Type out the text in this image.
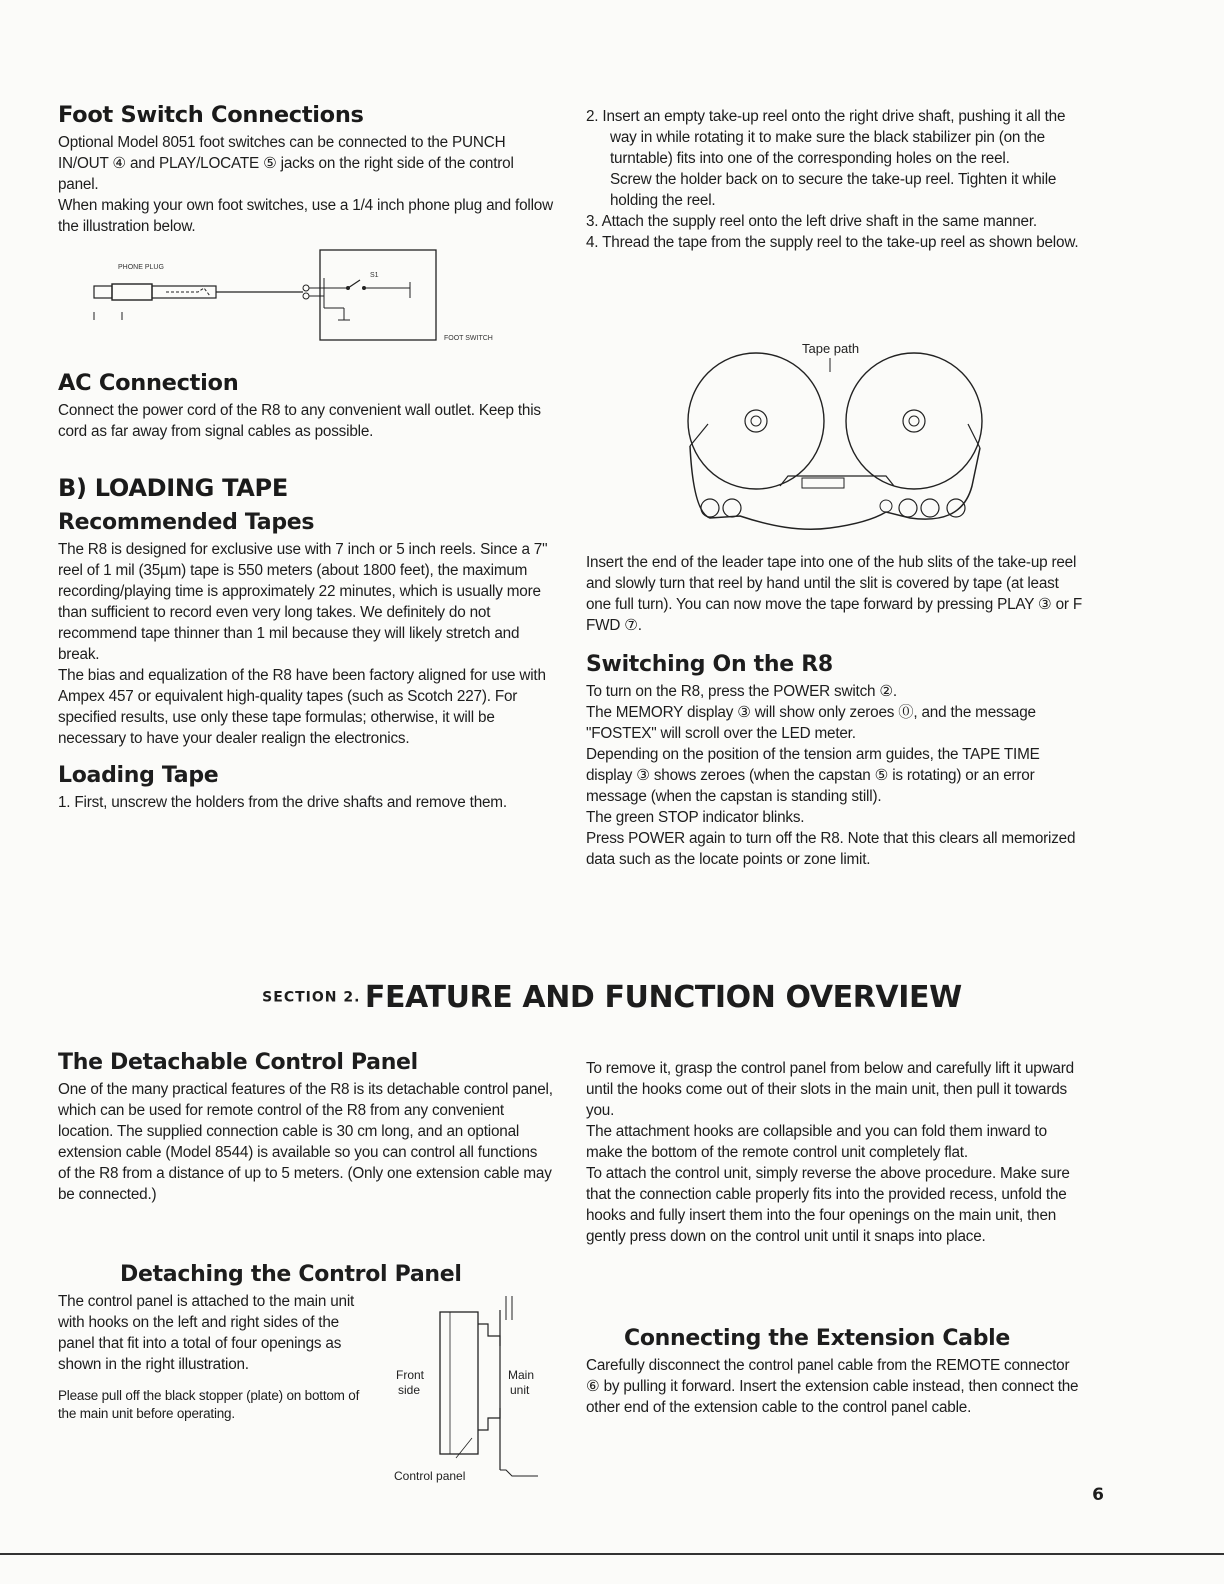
Foot Switch Connections

Optional Model 8051 foot switches can be connected to the PUNCH IN/OUT ④ and PLAY/LOCATE ⑤ jacks on the right side of the control panel.

When making your own foot switches, use a 1/4 inch phone plug and follow the illustration below.

PHONE PLUG
S1
FOOT SWITCH
AC Connection

Connect the power cord of the R8 to any convenient wall outlet. Keep this cord as far away from signal cables as possible.

B) LOADING TAPE
Recommended Tapes

The R8 is designed for exclusive use with 7 inch or 5 inch reels. Since a 7" reel of 1 mil (35µm) tape is 550 meters (about 1800 feet), the maximum recording/playing time is approximately 22 minutes, which is usually more than sufficient to record even very long takes. We definitely do not recommend tape thinner than 1 mil because they will likely stretch and break.

The bias and equalization of the R8 have been factory aligned for use with Ampex 457 or equivalent high-quality tapes (such as Scotch 227). For specified results, use only these tape formulas; otherwise, it will be necessary to have your dealer realign the electronics.

Loading Tape
1. First, unscrew the holders from the drive shafts and remove them.
2. Insert an empty take-up reel onto the right drive shaft, pushing it all the way in while rotating it to make sure the black stabilizer pin (on the turntable) fits into one of the corresponding holes on the reel.

Screw the holder back on to secure the take-up reel. Tighten it while holding the reel.

3. Attach the supply reel onto the left drive shaft in the same manner.
4. Thread the tape from the supply reel to the take-up reel as shown below.
Tape path

Insert the end of the leader tape into one of the hub slits of the take-up reel and slowly turn that reel by hand until the slit is covered by tape (at least one full turn). You can now move the tape forward by pressing PLAY ③ or F FWD ⑦.

Switching On the R8

To turn on the R8, press the POWER switch ②.

The MEMORY display ③ will show only zeroes ⓪, and the message "FOSTEX" will scroll over the LED meter.

Depending on the position of the tension arm guides, the TAPE TIME display ③ shows zeroes (when the capstan ⑤ is rotating) or an error message (when the capstan is standing still).

The green STOP indicator blinks.

Press POWER again to turn off the R8. Note that this clears all memorized data such as the locate points or zone limit.

SECTION 2. FEATURE AND FUNCTION OVERVIEW
The Detachable Control Panel

One of the many practical features of the R8 is its detachable control panel, which can be used for remote control of the R8 from any convenient location. The supplied connection cable is 30 cm long, and an optional extension cable (Model 8544) is available so you can control all functions of the R8 from a distance of up to 5 meters. (Only one extension cable may be connected.)

Detaching the Control Panel

The control panel is attached to the main unit with hooks on the left and right sides of the panel that fit into a total of four openings as shown in the right illustration.

Please pull off the black stopper (plate) on bottom of the main unit before operating.

Front
side
Main
unit
Control panel

To remove it, grasp the control panel from below and carefully lift it upward until the hooks come out of their slots in the main unit, then pull it towards you.

The attachment hooks are collapsible and you can fold them inward to make the bottom of the remote control unit completely flat.

To attach the control unit, simply reverse the above procedure. Make sure that the connection cable properly fits into the provided recess, unfold the hooks and fully insert them into the four openings on the main unit, then gently press down on the control unit until it snaps into place.

Connecting the Extension Cable

Carefully disconnect the control panel cable from the REMOTE connector ⑥ by pulling it forward. Insert the extension cable instead, then connect the other end of the extension cable to the control panel cable.

6
